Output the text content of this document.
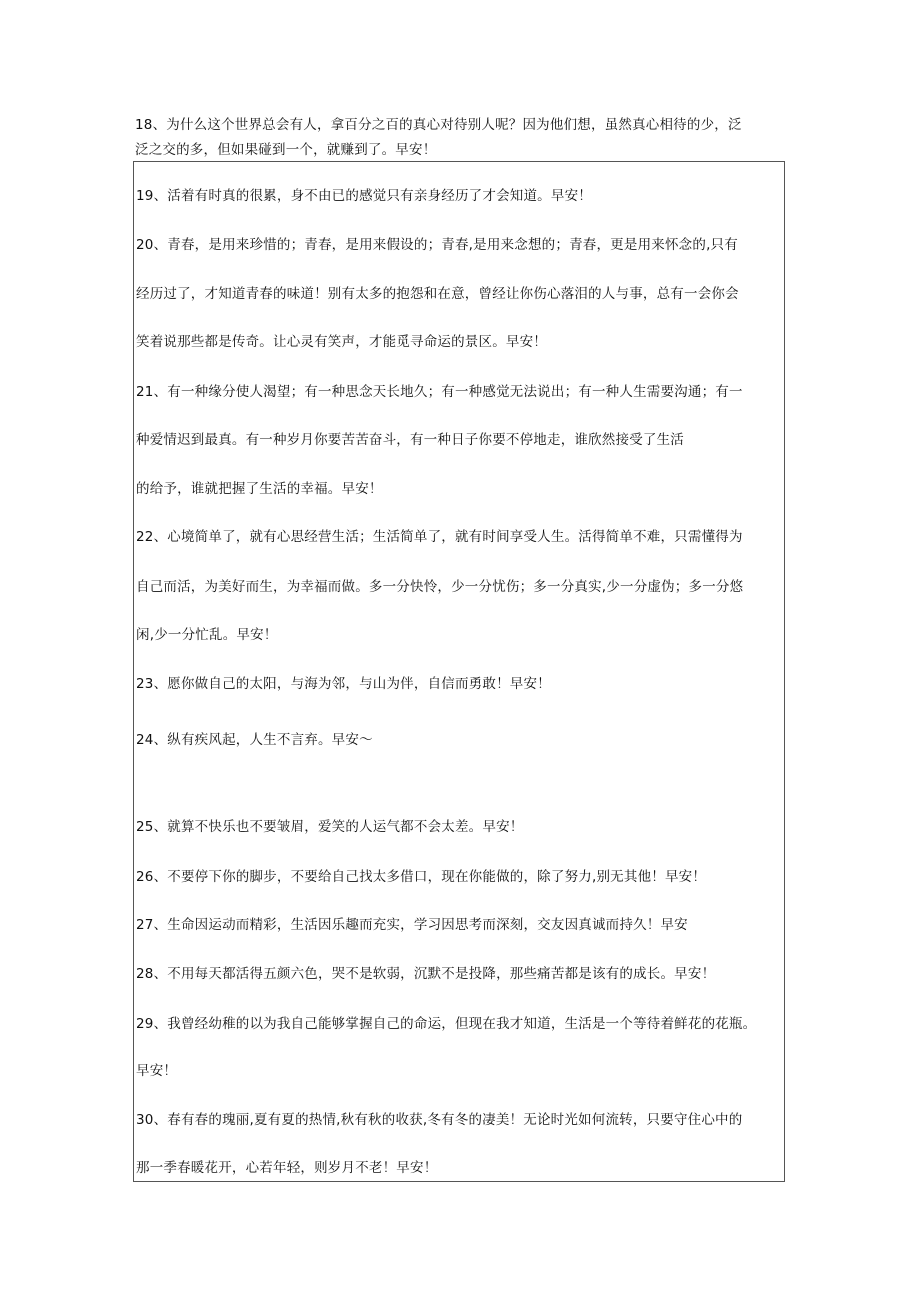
18、为什么这个世界总会有人，拿百分之百的真心对待别人呢？因为他们想，虽然真心相待的少，泛
泛之交的多，但如果碰到一个，就赚到了。早安！
19、活着有时真的很累，身不由已的感觉只有亲身经历了才会知道。早安！
20、青春，是用来珍惜的；青春，是用来假设的；青春,是用来念想的；青春，更是用来怀念的,只有
经历过了，才知道青春的味道！别有太多的抱怨和在意，曾经让你伤心落泪的人与事，总有一会你会
笑着说那些都是传奇。让心灵有笑声，才能觅寻命运的景区。早安！
21、有一种缘分使人渴望；有一种思念天长地久；有一种感觉无法说出；有一种人生需要沟通；有一
种爱情迟到最真。有一种岁月你要苦苦奋斗，有一种日子你要不停地走，谁欣然接受了生活
的给予，谁就把握了生活的幸福。早安！
22、心境简单了，就有心思经营生活；生活简单了，就有时间享受人生。活得简单不难，只需懂得为
自己而活，为美好而生，为幸福而做。多一分快怜，少一分忧伤；多一分真实,少一分虚伪；多一分悠
闲,少一分忙乱。早安！
23、愿你做自己的太阳，与海为邻，与山为伴，自信而勇敢！早安！
24、纵有疾风起，人生不言弃。早安～
25、就算不快乐也不要皱眉，爱笑的人运气都不会太差。早安！
26、不要停下你的脚步，不要给自己找太多借口，现在你能做的，除了努力,别无其他！早安！
27、生命因运动而精彩，生活因乐趣而充实，学习因思考而深刻，交友因真诚而持久！早安
28、不用每天都活得五颜六色，哭不是软弱，沉默不是投降，那些痛苦都是该有的成长。早安！
29、我曾经幼稚的以为我自己能够掌握自己的命运，但现在我才知道，生活是一个等待着鲜花的花瓶。
早安！
30、春有春的瑰丽,夏有夏的热情,秋有秋的收获,冬有冬的凄美！无论时光如何流转，只要守住心中的
那一季春暖花开，心若年轻，则岁月不老！早安！
